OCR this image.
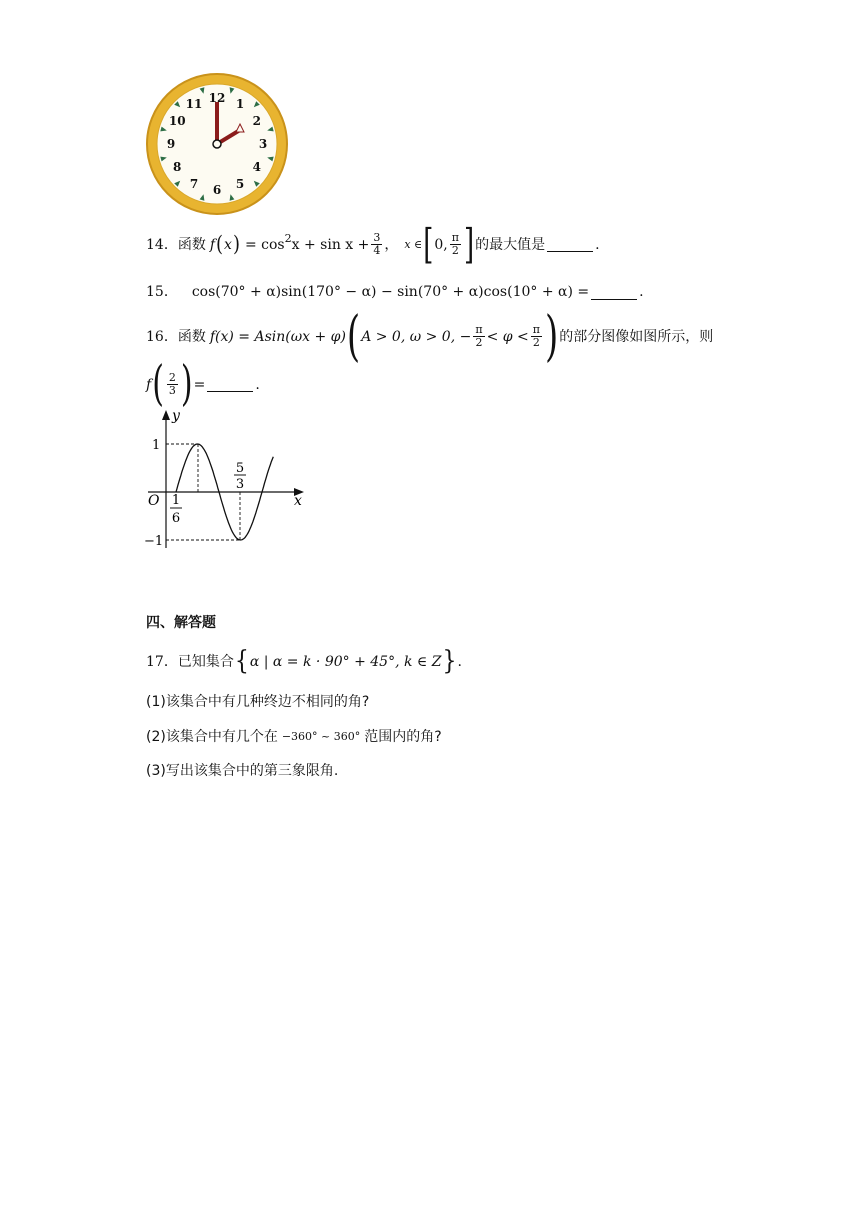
12 1
2
3
4
5
6
7
8
9
10
11
14． 函数 f ( x ) = $\cos^2 x + \sin x + \frac{3}{4}$ ， x ∈ [ 0, $\frac{\pi}{2}$ ] 的最大值是	.
15． cos(70° + α)sin(170° − α) − sin(70° + α)cos(10° + α) =	.
16． 函数 f(x) = Asin(ωx + φ) ( A > 0, ω > 0, − $\frac{\pi}{2} < \varphi < \frac{\pi}{2}$ ) 的部分图像如图所示，则
f ( $\frac{2}{3}$ ) =	.
y
x
O
1
−1
1
6
5
3
四、解答题
17． 已知集合 { α | α = k · 90° + 45°, k ∈ Z } .
(1)该集合中有几种终边不相同的角?
(2)该集合中有几个在 −360° ~ 360° 范围内的角?
(3)写出该集合中的第三象限角.
